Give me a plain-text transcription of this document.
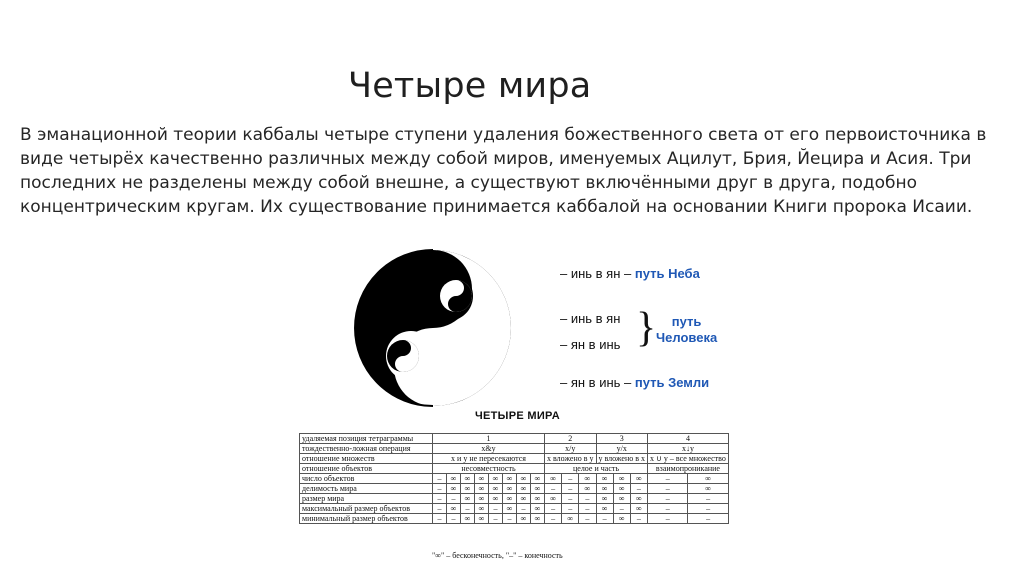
Четыре мира
В эманационной теории каббалы четыре ступени удаления божественного света от его первоисточника в виде четырёх качественно различных между собой миров, именуемых Ацилут, Брия, Йецира и Асия. Три последних не разделены между собой внешне, а существуют включёнными друг в друга, подобно концентрическим кругам. Их существование принимается каббалой на основании Книги пророка Исаии.
– инь в ян – путь Неба
– инь в ян
– ян в инь }	путь
Человека
– ян в инь – путь Земли
ЧЕТЫРЕ МИРА
удаляемая позиция тетраграммы	1								2			3			4	
тождественно-ложная операция	x&y								x/y			y/x			x↓y	
отношение множеств	x и y не пересекаются								x вложено в y			y вложено в x			x ∪ y – все множество	
отношение объектов	несовместность								целое и часть						взаимопроникание	
число объектов	–	∞	∞	∞	∞	∞	∞	∞	∞	–	∞	∞	∞	∞	–	∞
делимость мира	–	∞	∞	∞	∞	∞	∞	∞	–	–	∞	∞	∞	–	–	∞
размер мира	–	–	∞	∞	∞	∞	∞	∞	∞	–	–	∞	∞	∞	–	–
максимальный размер объектов	–	∞	–	∞	–	∞	–	∞	–	–	–	∞	–	∞	–	–
минимальный размер объектов	–	–	∞	∞	–	–	∞	∞	–	∞	–	–	∞	–	–	–
"∞" – бесконечность, "–" – конечность
